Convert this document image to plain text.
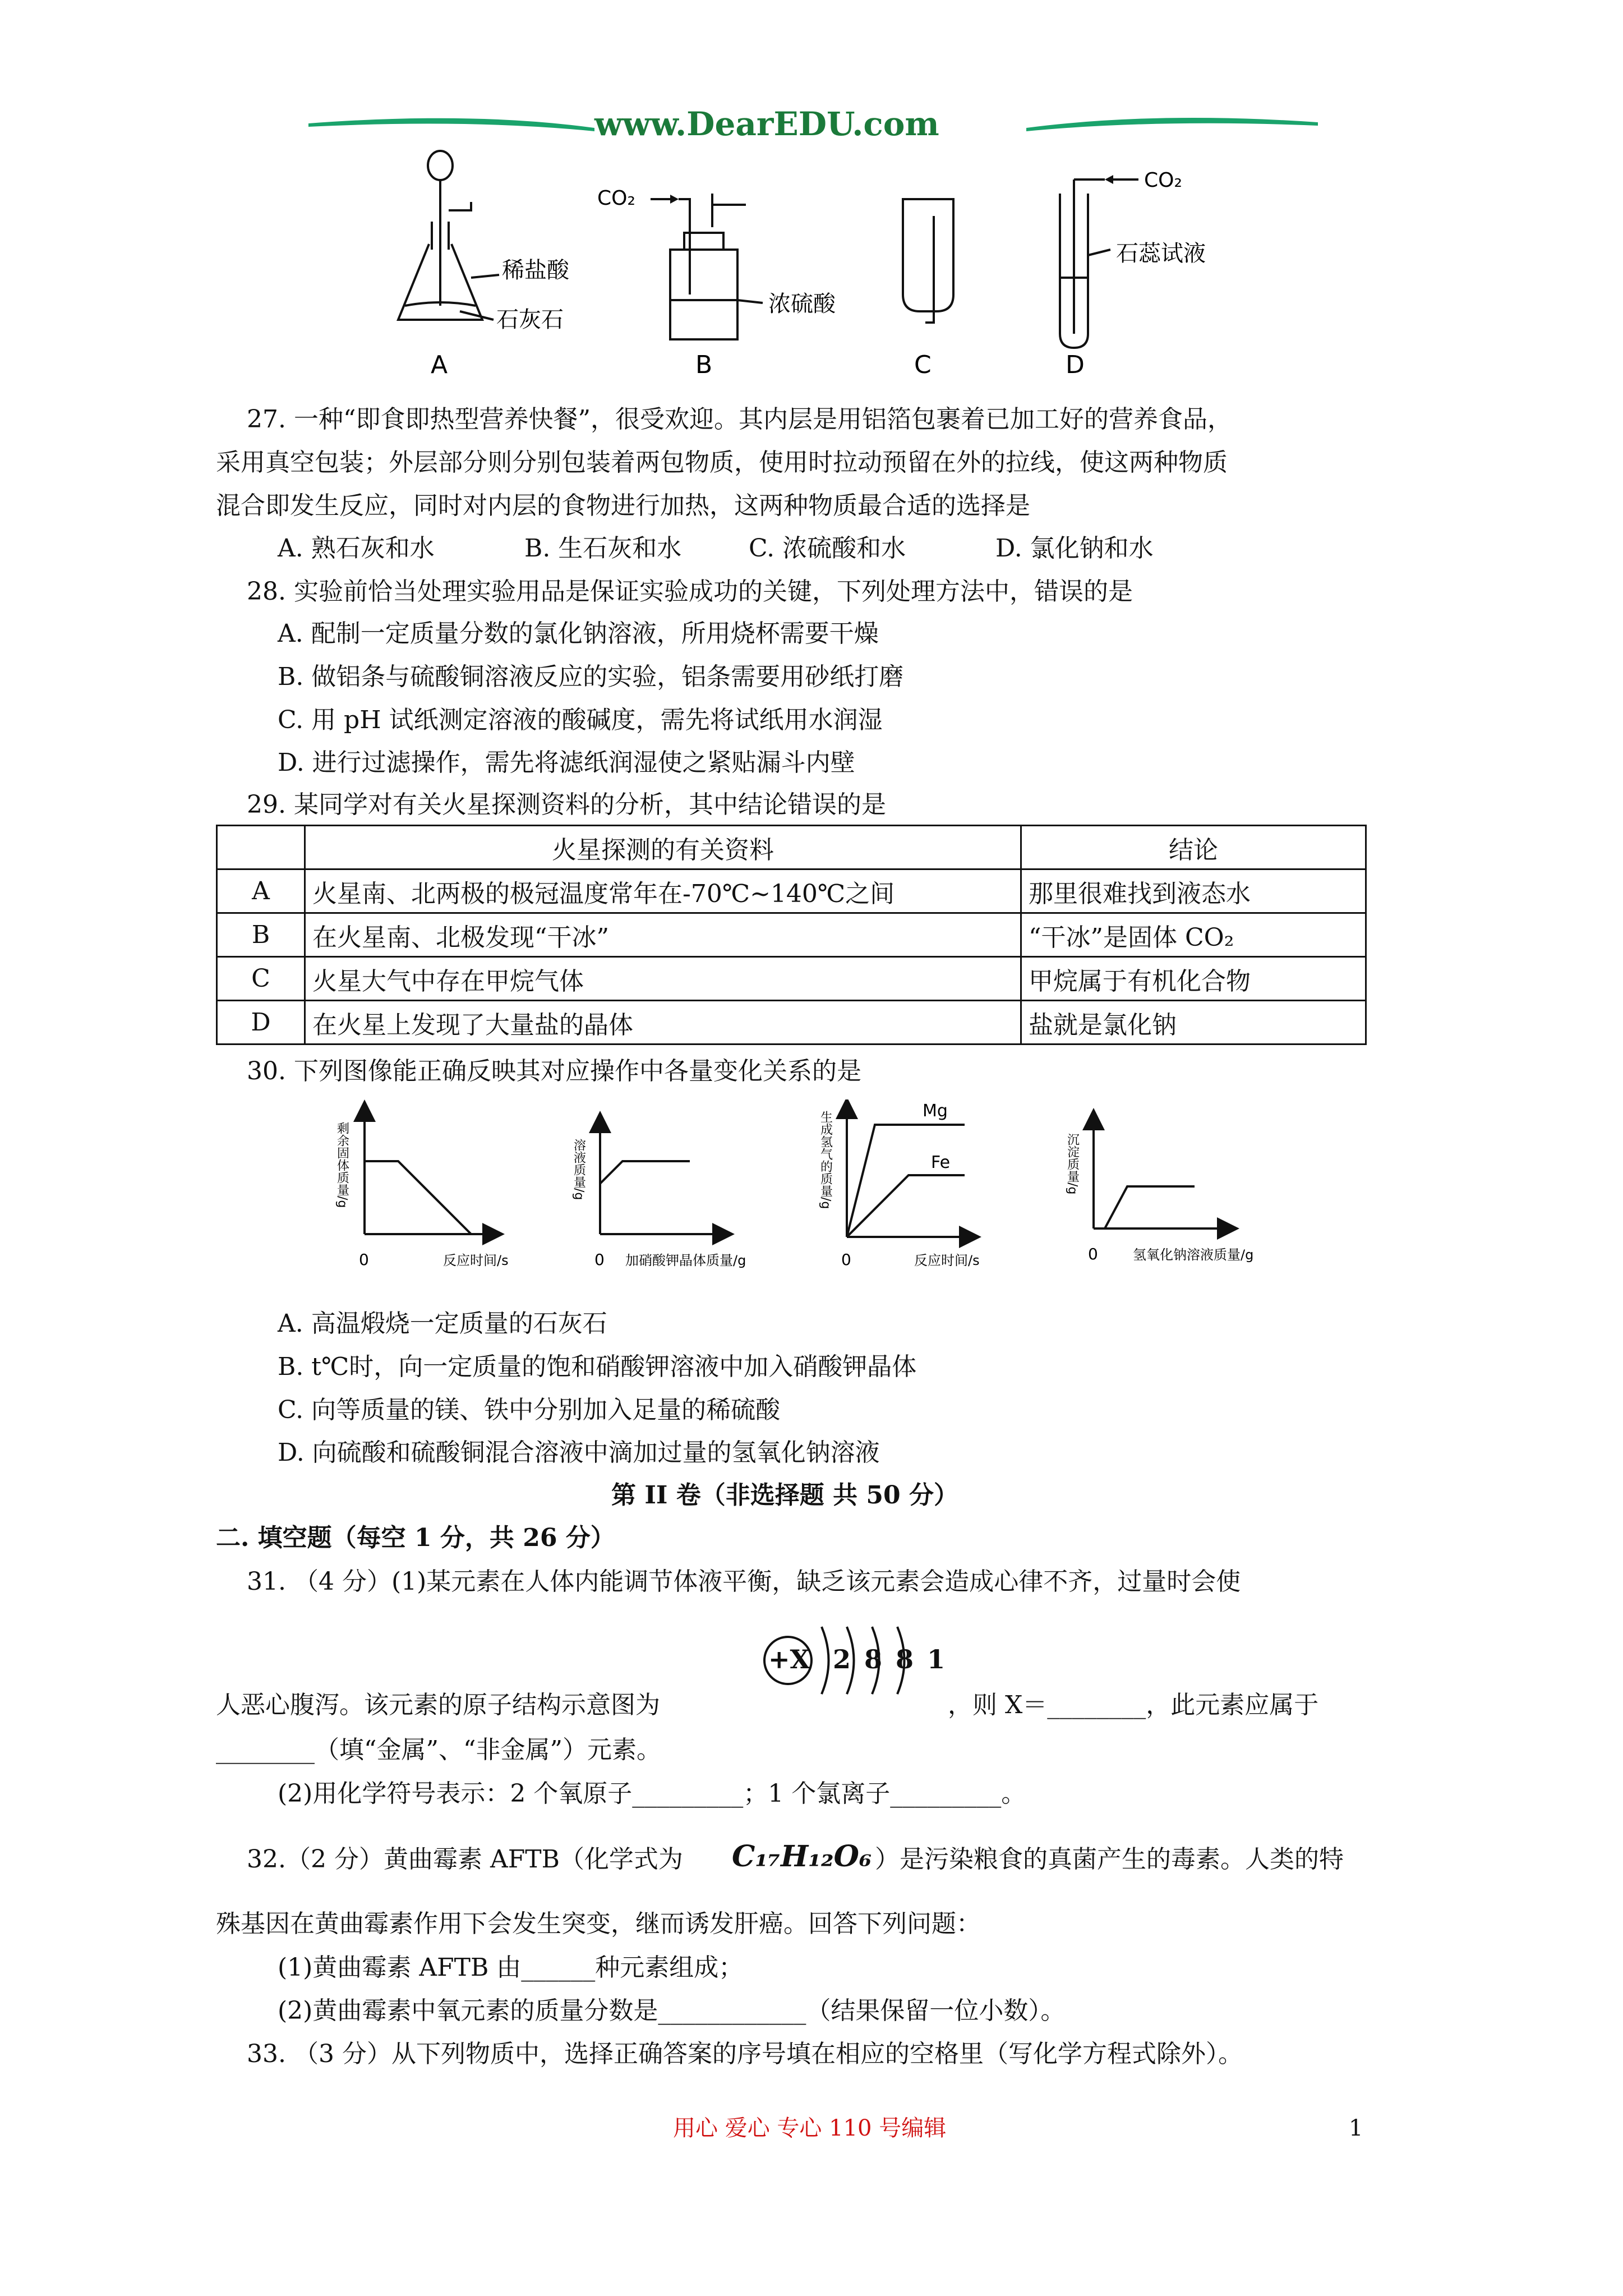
www.DearEDU.com
稀盐酸
石灰石
A
CO₂
浓硫酸
B	C
CO₂
石蕊试液
D
27. 一种“即食即热型营养快餐”，很受欢迎。其内层是用铝箔包裹着已加工好的营养食品，
采用真空包装；外层部分则分别包装着两包物质，使用时拉动预留在外的拉线，使这两种物质
混合即发生反应，同时对内层的食物进行加热，这两种物质最合适的选择是
A. 熟石灰和水	B. 生石灰和水	C. 浓硫酸和水	D. 氯化钠和水
28. 实验前恰当处理实验用品是保证实验成功的关键，下列处理方法中，错误的是
A. 配制一定质量分数的氯化钠溶液，所用烧杯需要干燥
B. 做铝条与硫酸铜溶液反应的实验，铝条需要用砂纸打磨
C. 用 pH 试纸测定溶液的酸碱度，需先将试纸用水润湿
D. 进行过滤操作，需先将滤纸润湿使之紧贴漏斗内壁
29. 某同学对有关火星探测资料的分析，其中结论错误的是
	火星探测的有关资料	结论
A	火星南、北两极的极冠温度常年在-70℃~140℃之间	那里很难找到液态水
B	在火星南、北极发现“干冰”	“干冰”是固体 CO₂
C	火星大气中存在甲烷气体	甲烷属于有机化合物
D	在火星上发现了大量盐的晶体	盐就是氯化钠
30. 下列图像能正确反映其对应操作中各量变化关系的是
剩余固体质量/g
0	反应时间/s
溶液质量/g
0 加硝酸钾晶体质量/g
生成氢气的质量/g	Mg
Fe
0	反应时间/s
沉淀质量/g
0	氢氧化钠溶液质量/g
A. 高温煅烧一定质量的石灰石
B. t℃时，向一定质量的饱和硝酸钾溶液中加入硝酸钾晶体
C. 向等质量的镁、铁中分别加入足量的稀硫酸
D. 向硫酸和硫酸铜混合溶液中滴加过量的氢氧化钠溶液
第 II 卷（非选择题 共 50 分）
二. 填空题（每空 1 分，共 26 分）
31. （4 分）(1)某元素在人体内能调节体液平衡，缺乏该元素会造成心律不齐，过量时会使
+X 2 8 8 1
人恶心腹泻。该元素的原子结构示意图为	，则 X＝________，此元素应属于
________（填“金属”、“非金属”）元素。
(2)用化学符号表示：2 个氧原子_________；1 个氯离子_________。
32.（2 分）黄曲霉素 AFTB（化学式为 C₁₇H₁₂O₆ ）是污染粮食的真菌产生的毒素。人类的特
殊基因在黄曲霉素作用下会发生突变，继而诱发肝癌。回答下列问题：
(1)黄曲霉素 AFTB 由______种元素组成；
(2)黄曲霉素中氧元素的质量分数是____________（结果保留一位小数）。
33. （3 分）从下列物质中，选择正确答案的序号填在相应的空格里（写化学方程式除外）。
用心 爱心 专心 110 号编辑	1
